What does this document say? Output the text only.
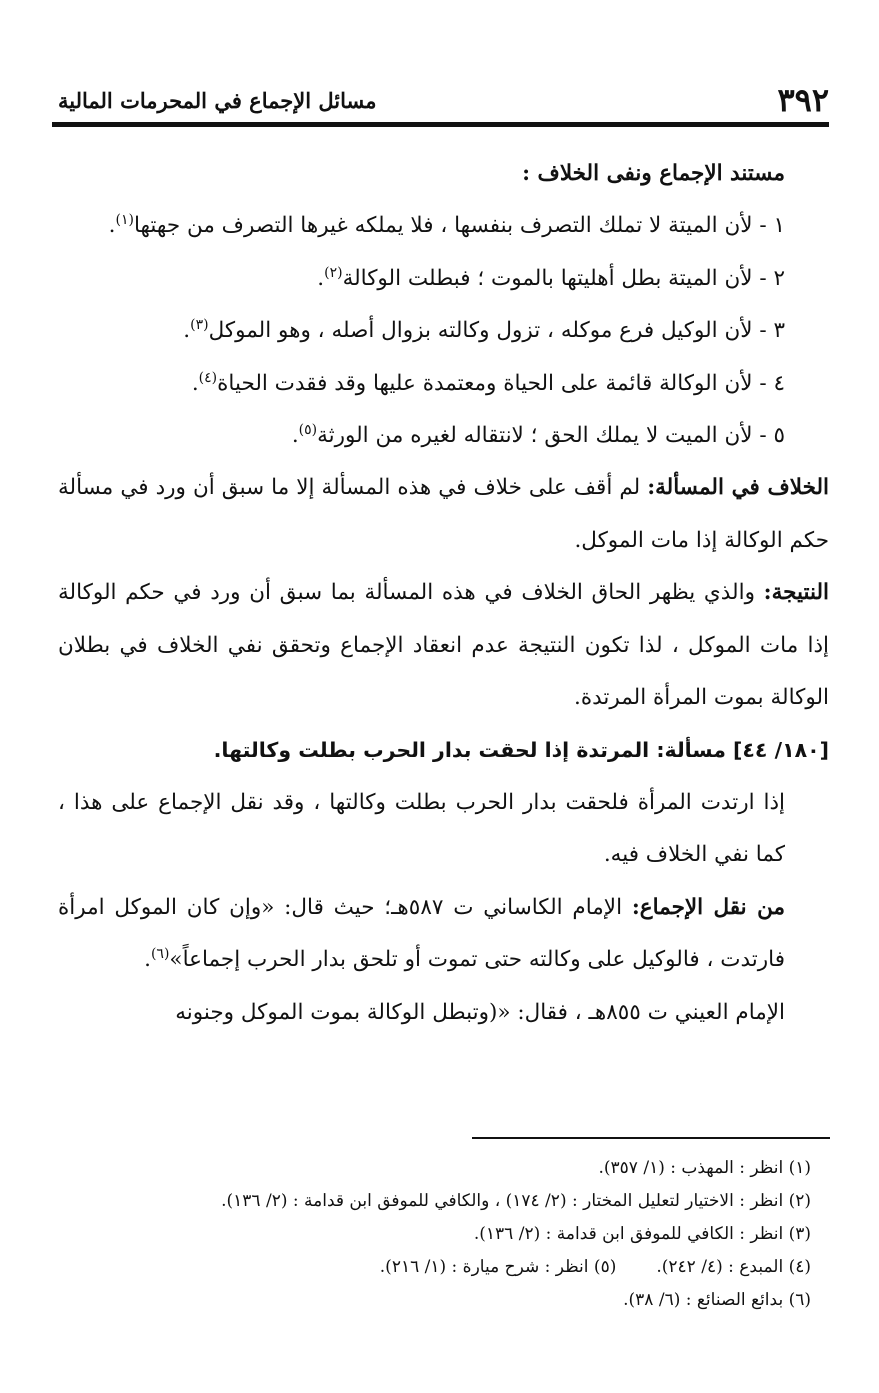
٣٩٢
مسائل الإجماع في المحرمات المالية

مستند الإجماع ونفى الخلاف :

١ - لأن الميتة لا تملك التصرف بنفسها ، فلا يملكه غيرها التصرف من جهتها$^{(١)}$.

٢ - لأن الميتة بطل أهليتها بالموت ؛ فبطلت الوكالة$^{(٢)}$.

٣ - لأن الوكيل فرع موكله ، تزول وكالته بزوال أصله ، وهو الموكل$^{(٣)}$.

٤ - لأن الوكالة قائمة على الحياة ومعتمدة عليها وقد فقدت الحياة$^{(٤)}$.

٥ - لأن الميت لا يملك الحق ؛ لانتقاله لغيره من الورثة$^{(٥)}$.

الخلاف في المسألة: لم أقف على خلاف في هذه المسألة إلا ما سبق أن ورد في مسألة حكم الوكالة إذا مات الموكل.

النتيجة: والذي يظهر الحاق الخلاف في هذه المسألة بما سبق أن ورد في حكم الوكالة إذا مات الموكل ، لذا تكون النتيجة عدم انعقاد الإجماع وتحقق نفي الخلاف في بطلان الوكالة بموت المرأة المرتدة.

[١٨٠/ ٤٤] مسألة: المرتدة إذا لحقت بدار الحرب بطلت وكالتها.

إذا ارتدت المرأة فلحقت بدار الحرب بطلت وكالتها ، وقد نقل الإجماع على هذا ، كما نفي الخلاف فيه.

من نقل الإجماع: الإمام الكاساني ت ٥٨٧هـ؛ حيث قال: «وإن كان الموكل امرأة فارتدت ، فالوكيل على وكالته حتى تموت أو تلحق بدار الحرب إجماعاً»$^{(٦)}$.

الإمام العيني ت ٨٥٥هـ ، فقال: «(وتبطل الوكالة بموت الموكل وجنونه

(١) انظر : المهذب : (١/ ٣٥٧).
(٢) انظر : الاختيار لتعليل المختار : (٢/ ١٧٤) ، والكافي للموفق ابن قدامة : (٢/ ١٣٦).
(٣) انظر : الكافي للموفق ابن قدامة : (٢/ ١٣٦).
(٤) المبدع : (٤/ ٢٤٢).
(٥) انظر : شرح ميارة : (١/ ٢١٦).
(٦) بدائع الصنائع : (٦/ ٣٨).
